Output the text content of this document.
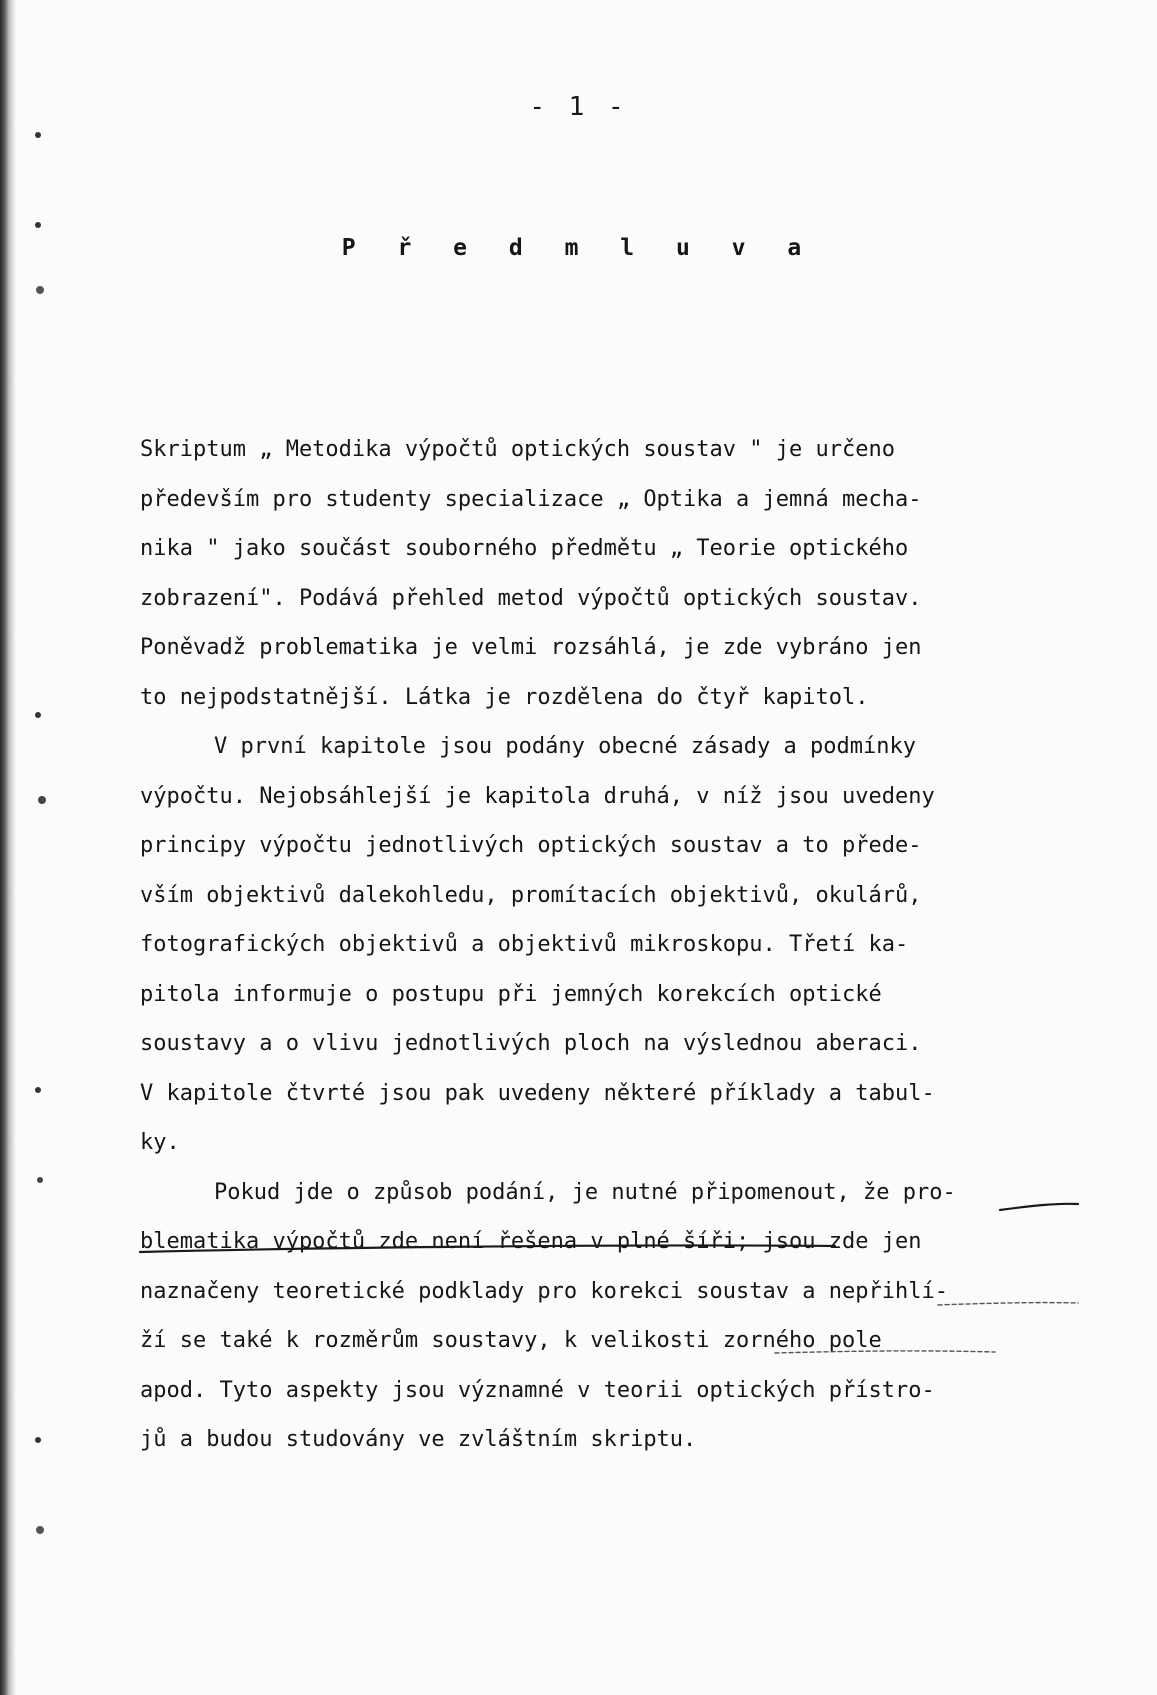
- 1 -
P ř e d m l u v a
Skriptum „ Metodika výpočtů optických soustav " je určeno
především pro studenty specializace „ Optika a jemná mecha-
nika " jako součást souborného předmětu „ Teorie optického
zobrazení". Podává přehled metod výpočtů optických soustav.
Poněvadž problematika je velmi rozsáhlá, je zde vybráno jen
to nejpodstatnější. Látka je rozdělena do čtyř kapitol.
V první kapitole jsou podány obecné zásady a podmínky
výpočtu. Nejobsáhlejší je kapitola druhá, v níž jsou uvedeny
principy výpočtu jednotlivých optických soustav a to přede-
vším objektivů dalekohledu, promítacích objektivů, okulárů,
fotografických objektivů a objektivů mikroskopu. Třetí ka-
pitola informuje o postupu při jemných korekcích optické
soustavy a o vlivu jednotlivých ploch na výslednou aberaci.
V kapitole čtvrté jsou pak uvedeny některé příklady a tabul-
ky.
Pokud jde o způsob podání, je nutné připomenout, že pro-
blematika výpočtů zde není řešena v plné šíři; jsou zde jen
naznačeny teoretické podklady pro korekci soustav a nepřihlí-
ží se také k rozměrům soustavy, k velikosti zorného pole
apod. Tyto aspekty jsou významné v teorii optických přístro-
jů a budou studovány ve zvláštním skriptu.
